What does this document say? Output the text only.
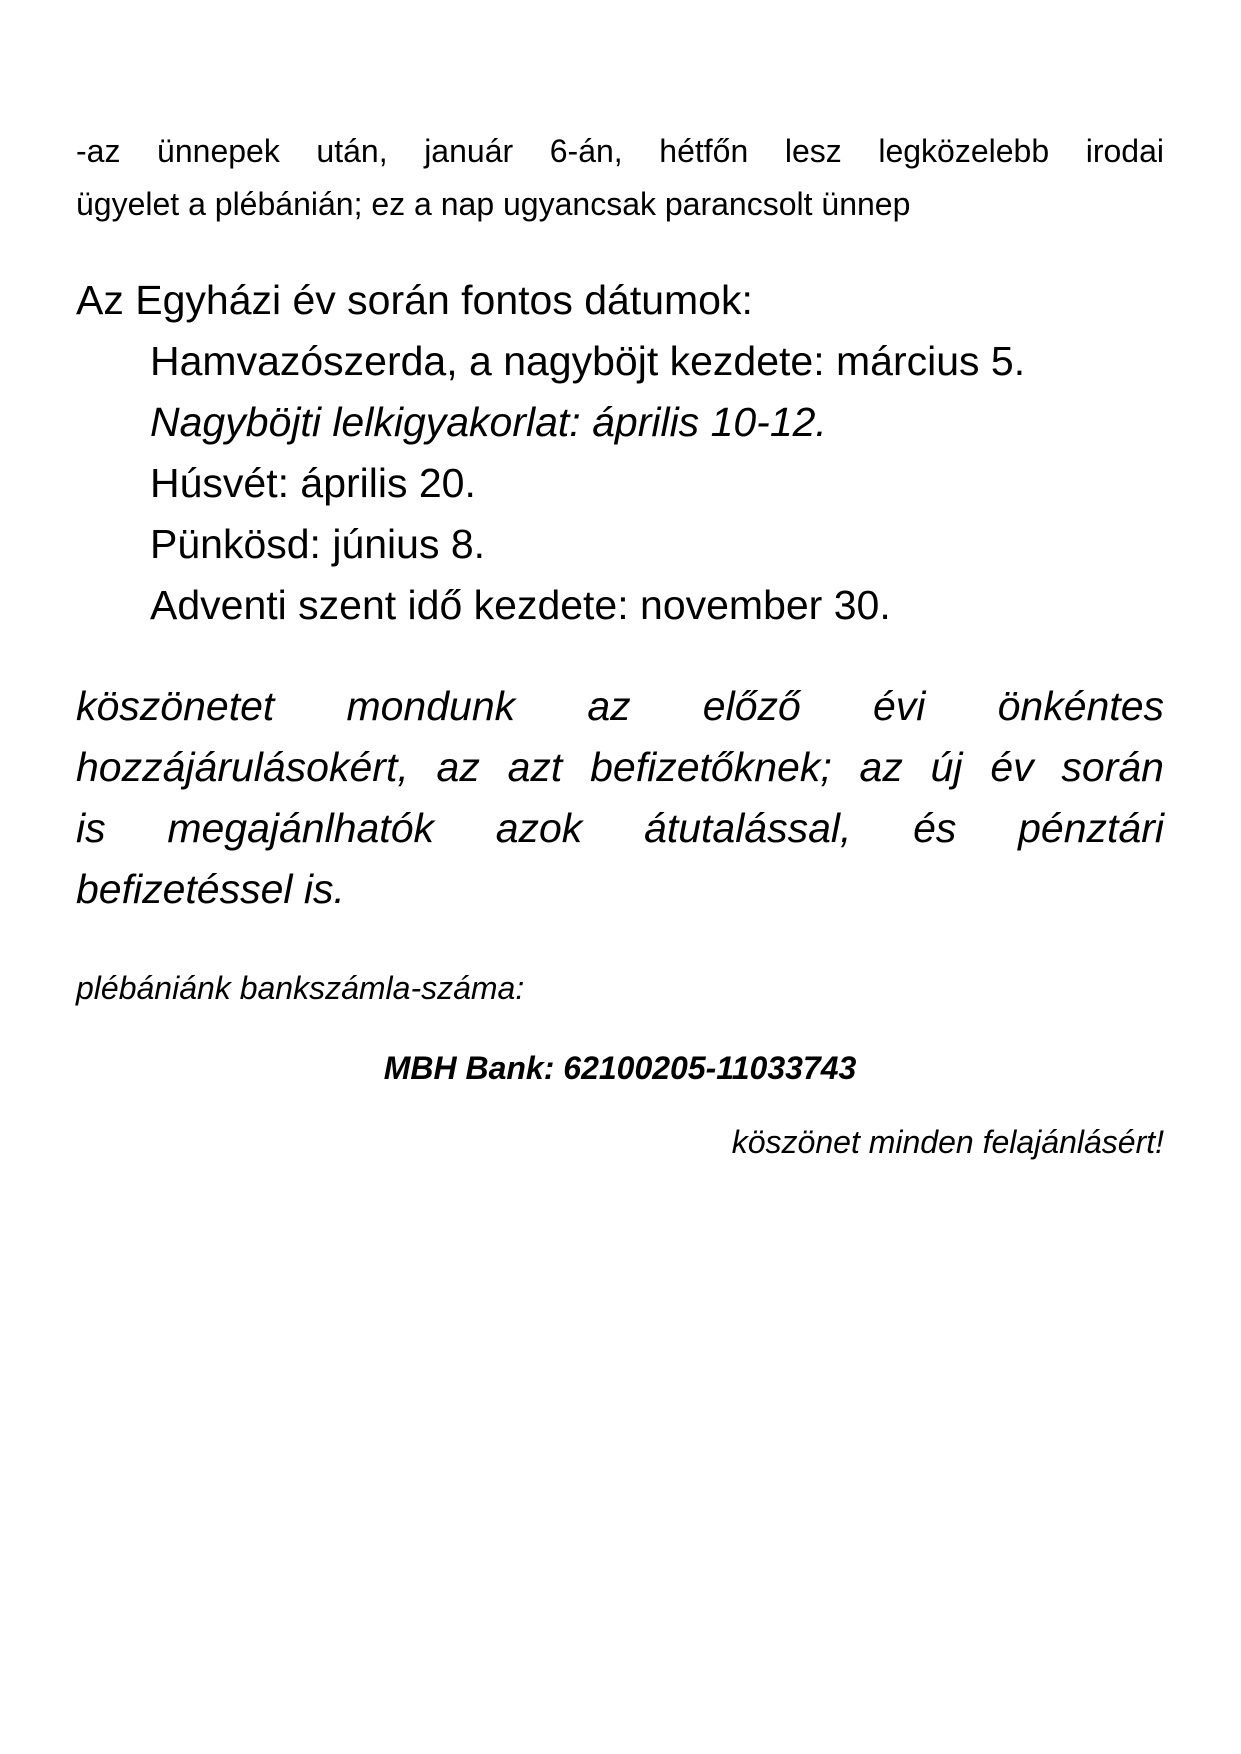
-az ünnepek után, január 6-án, hétfőn lesz legközelebb irodai
ügyelet a plébánián; ez a nap ugyancsak parancsolt ünnep

Az Egyházi év során fontos dátumok:
Hamvazószerda, a nagyböjt kezdete: március 5.
Nagyböjti lelkigyakorlat: április 10-12.
Húsvét: április 20.
Pünkösd: június 8.
Adventi szent idő kezdete: november 30.

köszönetet mondunk az előző évi önkéntes
hozzájárulásokért, az azt befizetőknek; az új év során
is megajánlhatók azok átutalással, és pénztári
befizetéssel is.

plébániánk bankszámla-száma:

MBH Bank: 62100205-11033743

köszönet minden felajánlásért!
